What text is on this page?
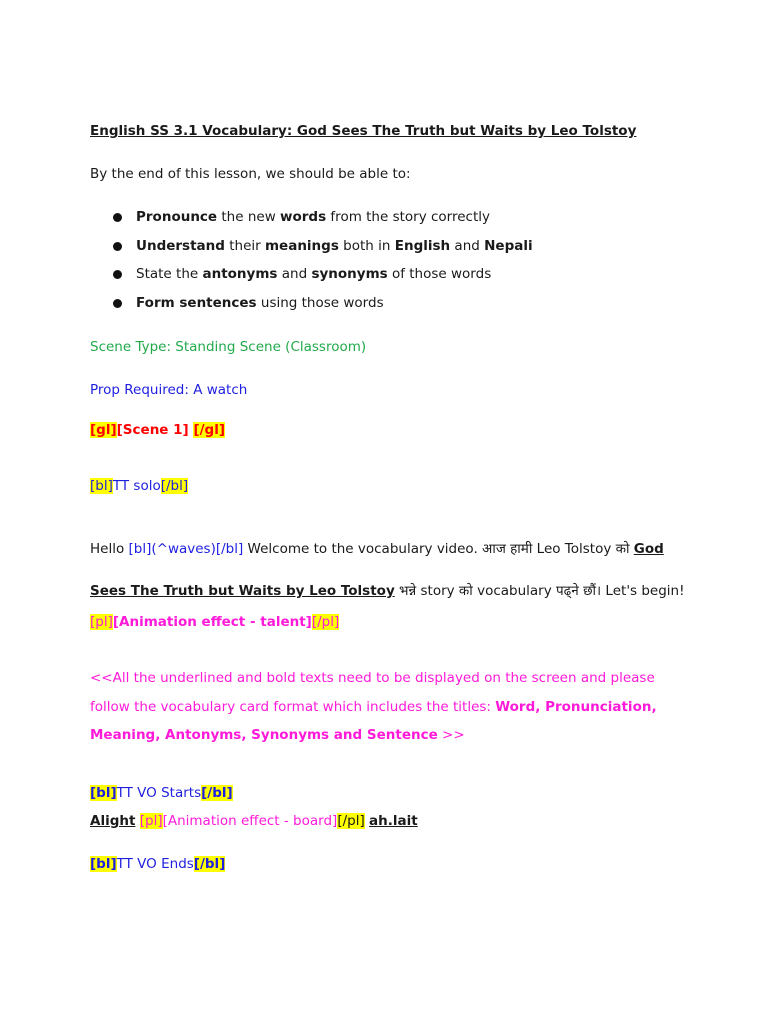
English SS 3.1 Vocabulary: God Sees The Truth but Waits by Leo Tolstoy
By the end of this lesson, we should be able to:
Pronounce the new words from the story correctly
Understand their meanings both in English and Nepali
State the antonyms and synonyms of those words
Form sentences using those words
Scene Type: Standing Scene (Classroom)
Prop Required: A watch
[gl][Scene 1] [/gl]
[bl]TT solo[/bl]
Hello [bl](^waves)[/bl] Welcome to the vocabulary video. आज हामी Leo Tolstoy को God
Sees The Truth but Waits by Leo Tolstoy भन्ने story को vocabulary पढ्ने छौं। Let's begin!
[pl][Animation effect - talent][/pl]
<<All the underlined and bold texts need to be displayed on the screen and please follow the vocabulary card format which includes the titles: Word, Pronunciation, Meaning, Antonyms, Synonyms and Sentence >>
[bl]TT VO Starts[/bl]
Alight [pl][Animation effect - board][/pl] ah.lait
[bl]TT VO Ends[/bl]
